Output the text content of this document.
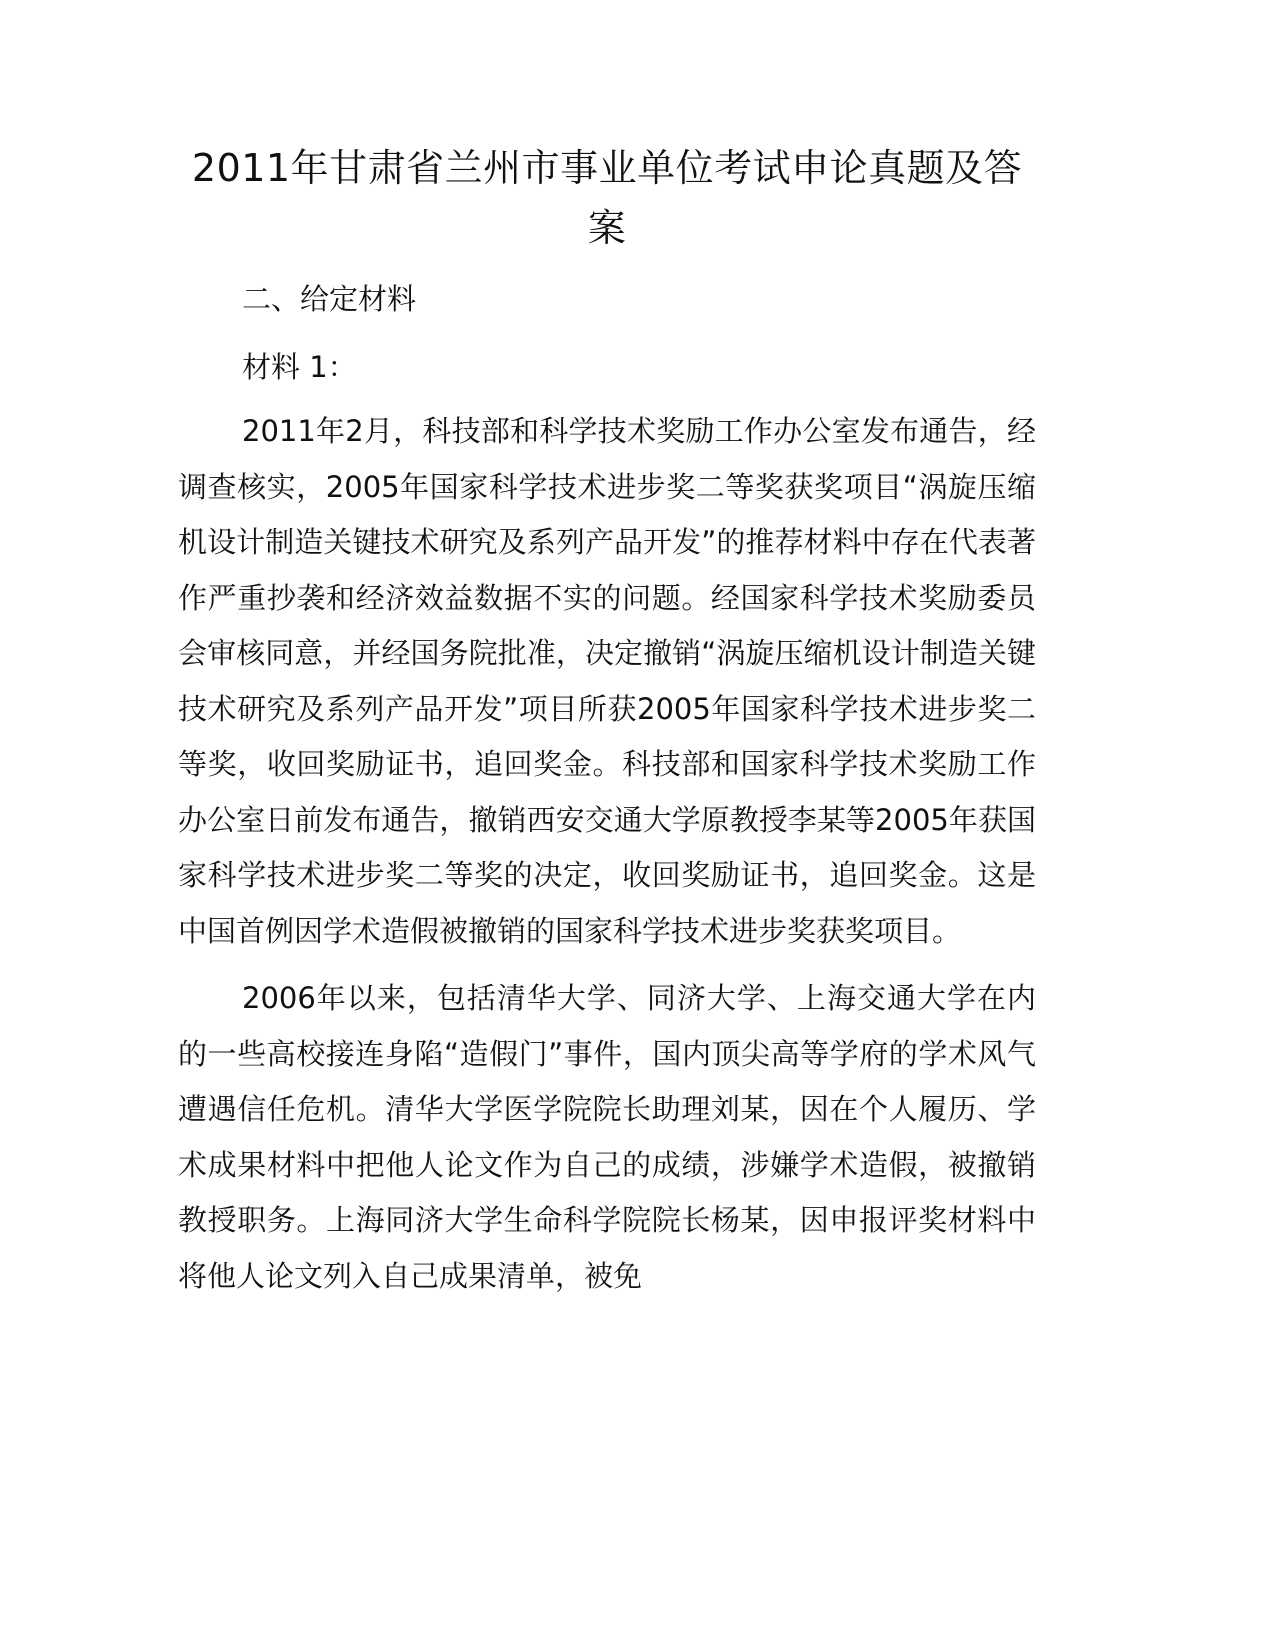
2011年甘肃省兰州市事业单位考试申论真题及答案

二、给定材料

材料 1：

2011年2月，科技部和科学技术奖励工作办公室发布通告，经调查核实，2005年国家科学技术进步奖二等奖获奖项目“涡旋压缩机设计制造关键技术研究及系列产品开发”的推荐材料中存在代表著作严重抄袭和经济效益数据不实的问题。经国家科学技术奖励委员会审核同意，并经国务院批准，决定撤销“涡旋压缩机设计制造关键技术研究及系列产品开发”项目所获2005年国家科学技术进步奖二等奖，收回奖励证书，追回奖金。科技部和国家科学技术奖励工作办公室日前发布通告，撤销西安交通大学原教授李某等2005年获国家科学技术进步奖二等奖的决定，收回奖励证书，追回奖金。这是中国首例因学术造假被撤销的国家科学技术进步奖获奖项目。

2006年以来，包括清华大学、同济大学、上海交通大学在内的一些高校接连身陷“造假门”事件，国内顶尖高等学府的学术风气遭遇信任危机。清华大学医学院院长助理刘某，因在个人履历、学术成果材料中把他人论文作为自己的成绩，涉嫌学术造假，被撤销教授职务。上海同济大学生命科学院院长杨某，因申报评奖材料中将他人论文列入自己成果清单，被免
